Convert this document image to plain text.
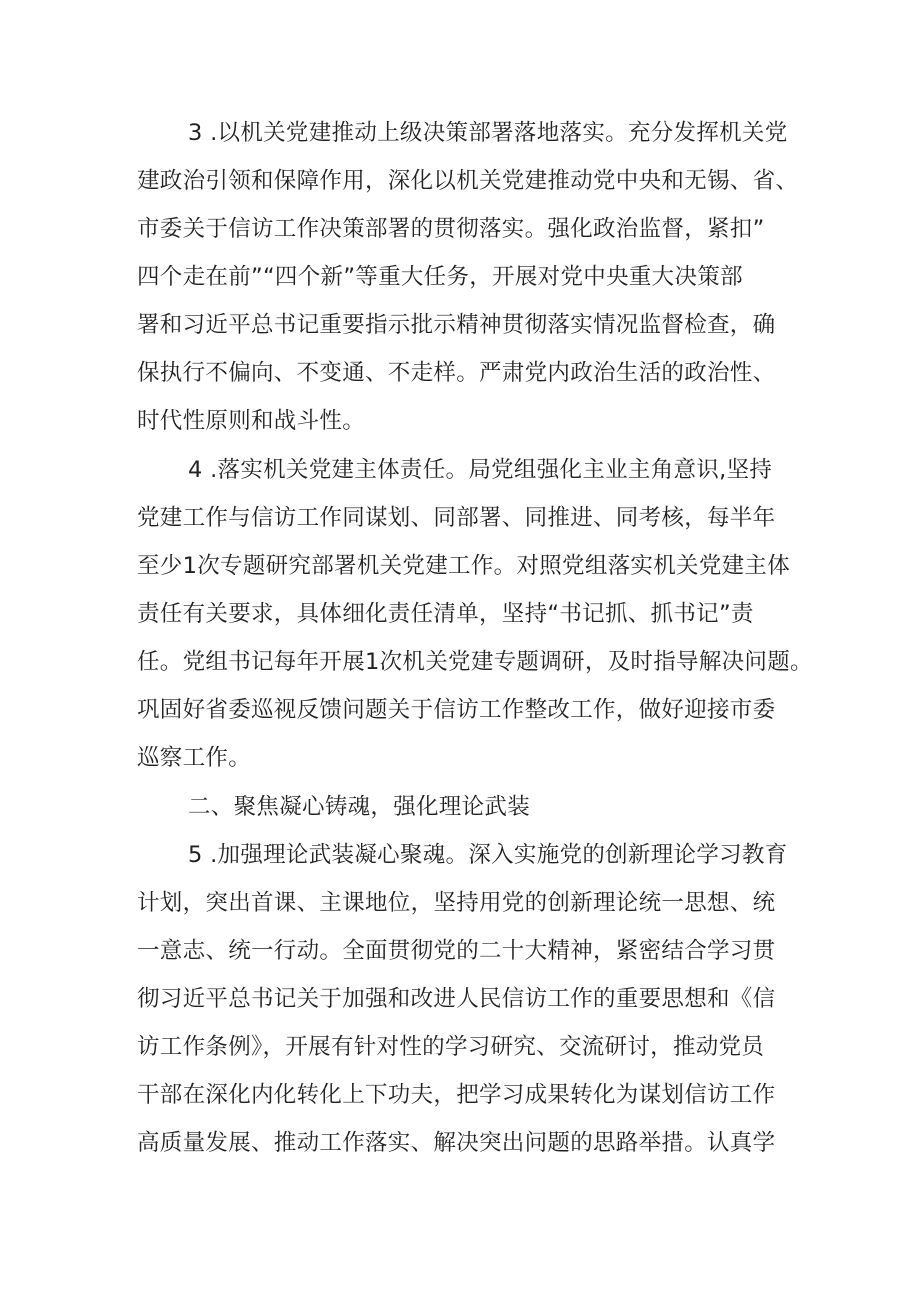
3 .以机关党建推动上级决策部署落地落实。充分发挥机关党
建政治引领和保障作用，深化以机关党建推动党中央和无锡、省、
市委关于信访工作决策部署的贯彻落实。强化政治监督，紧扣”
四个走在前”“四个新”等重大任务，开展对党中央重大决策部
署和习近平总书记重要指示批示精神贯彻落实情况监督检查，确
保执行不偏向、不变通、不走样。严肃党内政治生活的政治性、
时代性原则和战斗性。
4 .落实机关党建主体责任。局党组强化主业主角意识,坚持
党建工作与信访工作同谋划、同部署、同推进、同考核，每半年
至少1次专题研究部署机关党建工作。对照党组落实机关党建主体
责任有关要求，具体细化责任清单，坚持“书记抓、抓书记”责
任。党组书记每年开展1次机关党建专题调研，及时指导解决问题。
巩固好省委巡视反馈问题关于信访工作整改工作，做好迎接市委
巡察工作。
二、聚焦凝心铸魂，强化理论武装
5 .加强理论武装凝心聚魂。深入实施党的创新理论学习教育
计划，突出首课、主课地位，坚持用党的创新理论统一思想、统
一意志、统一行动。全面贯彻党的二十大精神，紧密结合学习贯
彻习近平总书记关于加强和改进人民信访工作的重要思想和《信
访工作条例》，开展有针对性的学习研究、交流研讨，推动党员
干部在深化内化转化上下功夫，把学习成果转化为谋划信访工作
高质量发展、推动工作落实、解决突出问题的思路举措。认真学
